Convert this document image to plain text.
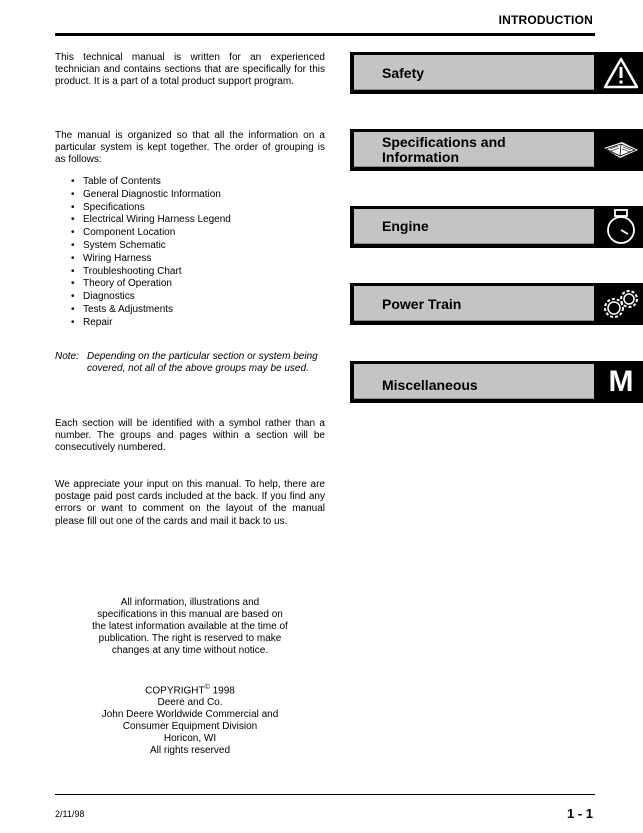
INTRODUCTION

This technical manual is written for an experienced technician and contains sections that are specifically for this product. It is a part of a total product support program.

The manual is organized so that all the information on a particular system is kept together. The order of grouping is as follows:

• Table of Contents
• General Diagnostic Information
• Specifications
• Electrical Wiring Harness Legend
• Component Location
• System Schematic
• Wiring Harness
• Troubleshooting Chart
• Theory of Operation
• Diagnostics
• Tests & Adjustments
• Repair
Note: Depending on the particular section or system being covered, not all of the above groups may be used.

Each section will be identified with a symbol rather than a number. The groups and pages within a section will be consecutively numbered.

We appreciate your input on this manual. To help, there are postage paid post cards included at the back. If you find any errors or want to comment on the layout of the manual please fill out one of the cards and mail it back to us.

All information, illustrations and
specifications in this manual are based on
the latest information available at the time of
publication. The right is reserved to make
changes at any time without notice.
COPYRIGHT© 1998
Deere and Co.
John Deere Worldwide Commercial and
Consumer Equipment Division
Horicon, WI
All rights reserved
Safety
Specifications and Information
Engine
Power Train
Miscellaneous	M
2/11/98	1 - 1
